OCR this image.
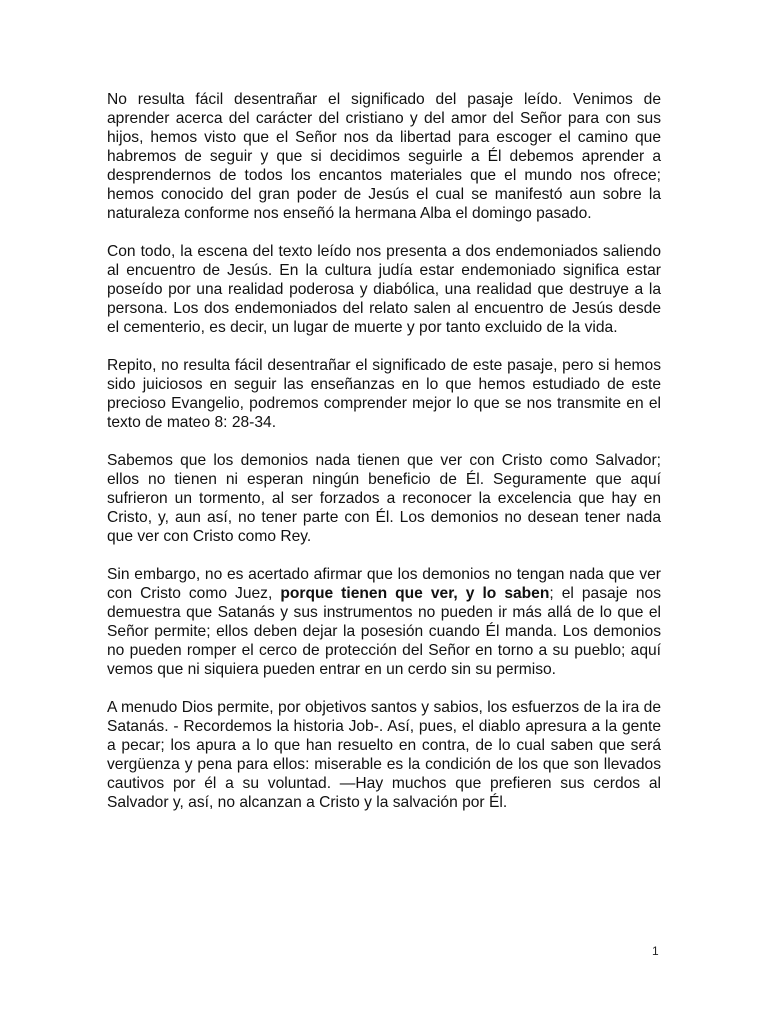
No resulta fácil desentrañar el significado del pasaje leído. Venimos de aprender acerca del carácter del cristiano y del amor del Señor para con sus hijos, hemos visto que el Señor nos da libertad para escoger el camino que habremos de seguir y que si decidimos seguirle a Él debemos aprender a desprendernos de todos los encantos materiales que el mundo nos ofrece; hemos conocido del gran poder de Jesús el cual se manifestó aun sobre la naturaleza conforme nos enseñó la hermana Alba el domingo pasado.

Con todo, la escena del texto leído nos presenta a dos endemoniados saliendo al encuentro de Jesús. En la cultura judía estar endemoniado significa estar poseído por una realidad poderosa y diabólica, una realidad que destruye a la persona. Los dos endemoniados del relato salen al encuentro de Jesús desde el cementerio, es decir, un lugar de muerte y por tanto excluido de la vida.

Repito, no resulta fácil desentrañar el significado de este pasaje, pero si hemos sido juiciosos en seguir las enseñanzas en lo que hemos estudiado de este precioso Evangelio, podremos comprender mejor lo que se nos transmite en el texto de mateo 8: 28-34.

Sabemos que los demonios nada tienen que ver con Cristo como Salvador; ellos no tienen ni esperan ningún beneficio de Él. Seguramente que aquí sufrieron un tormento, al ser forzados a reconocer la excelencia que hay en Cristo, y, aun así, no tener parte con Él. Los demonios no desean tener nada que ver con Cristo como Rey.

Sin embargo, no es acertado afirmar que los demonios no tengan nada que ver con Cristo como Juez, porque tienen que ver, y lo saben; el pasaje nos demuestra que Satanás y sus instrumentos no pueden ir más allá de lo que el Señor permite; ellos deben dejar la posesión cuando Él manda. Los demonios no pueden romper el cerco de protección del Señor en torno a su pueblo; aquí vemos que ni siquiera pueden entrar en un cerdo sin su permiso.

A menudo Dios permite, por objetivos santos y sabios, los esfuerzos de la ira de Satanás. - Recordemos la historia Job-. Así, pues, el diablo apresura a la gente a pecar; los apura a lo que han resuelto en contra, de lo cual saben que será vergüenza y pena para ellos: miserable es la condición de los que son llevados cautivos por él a su voluntad. —Hay muchos que prefieren sus cerdos al Salvador y, así, no alcanzan a Cristo y la salvación por Él.

1
